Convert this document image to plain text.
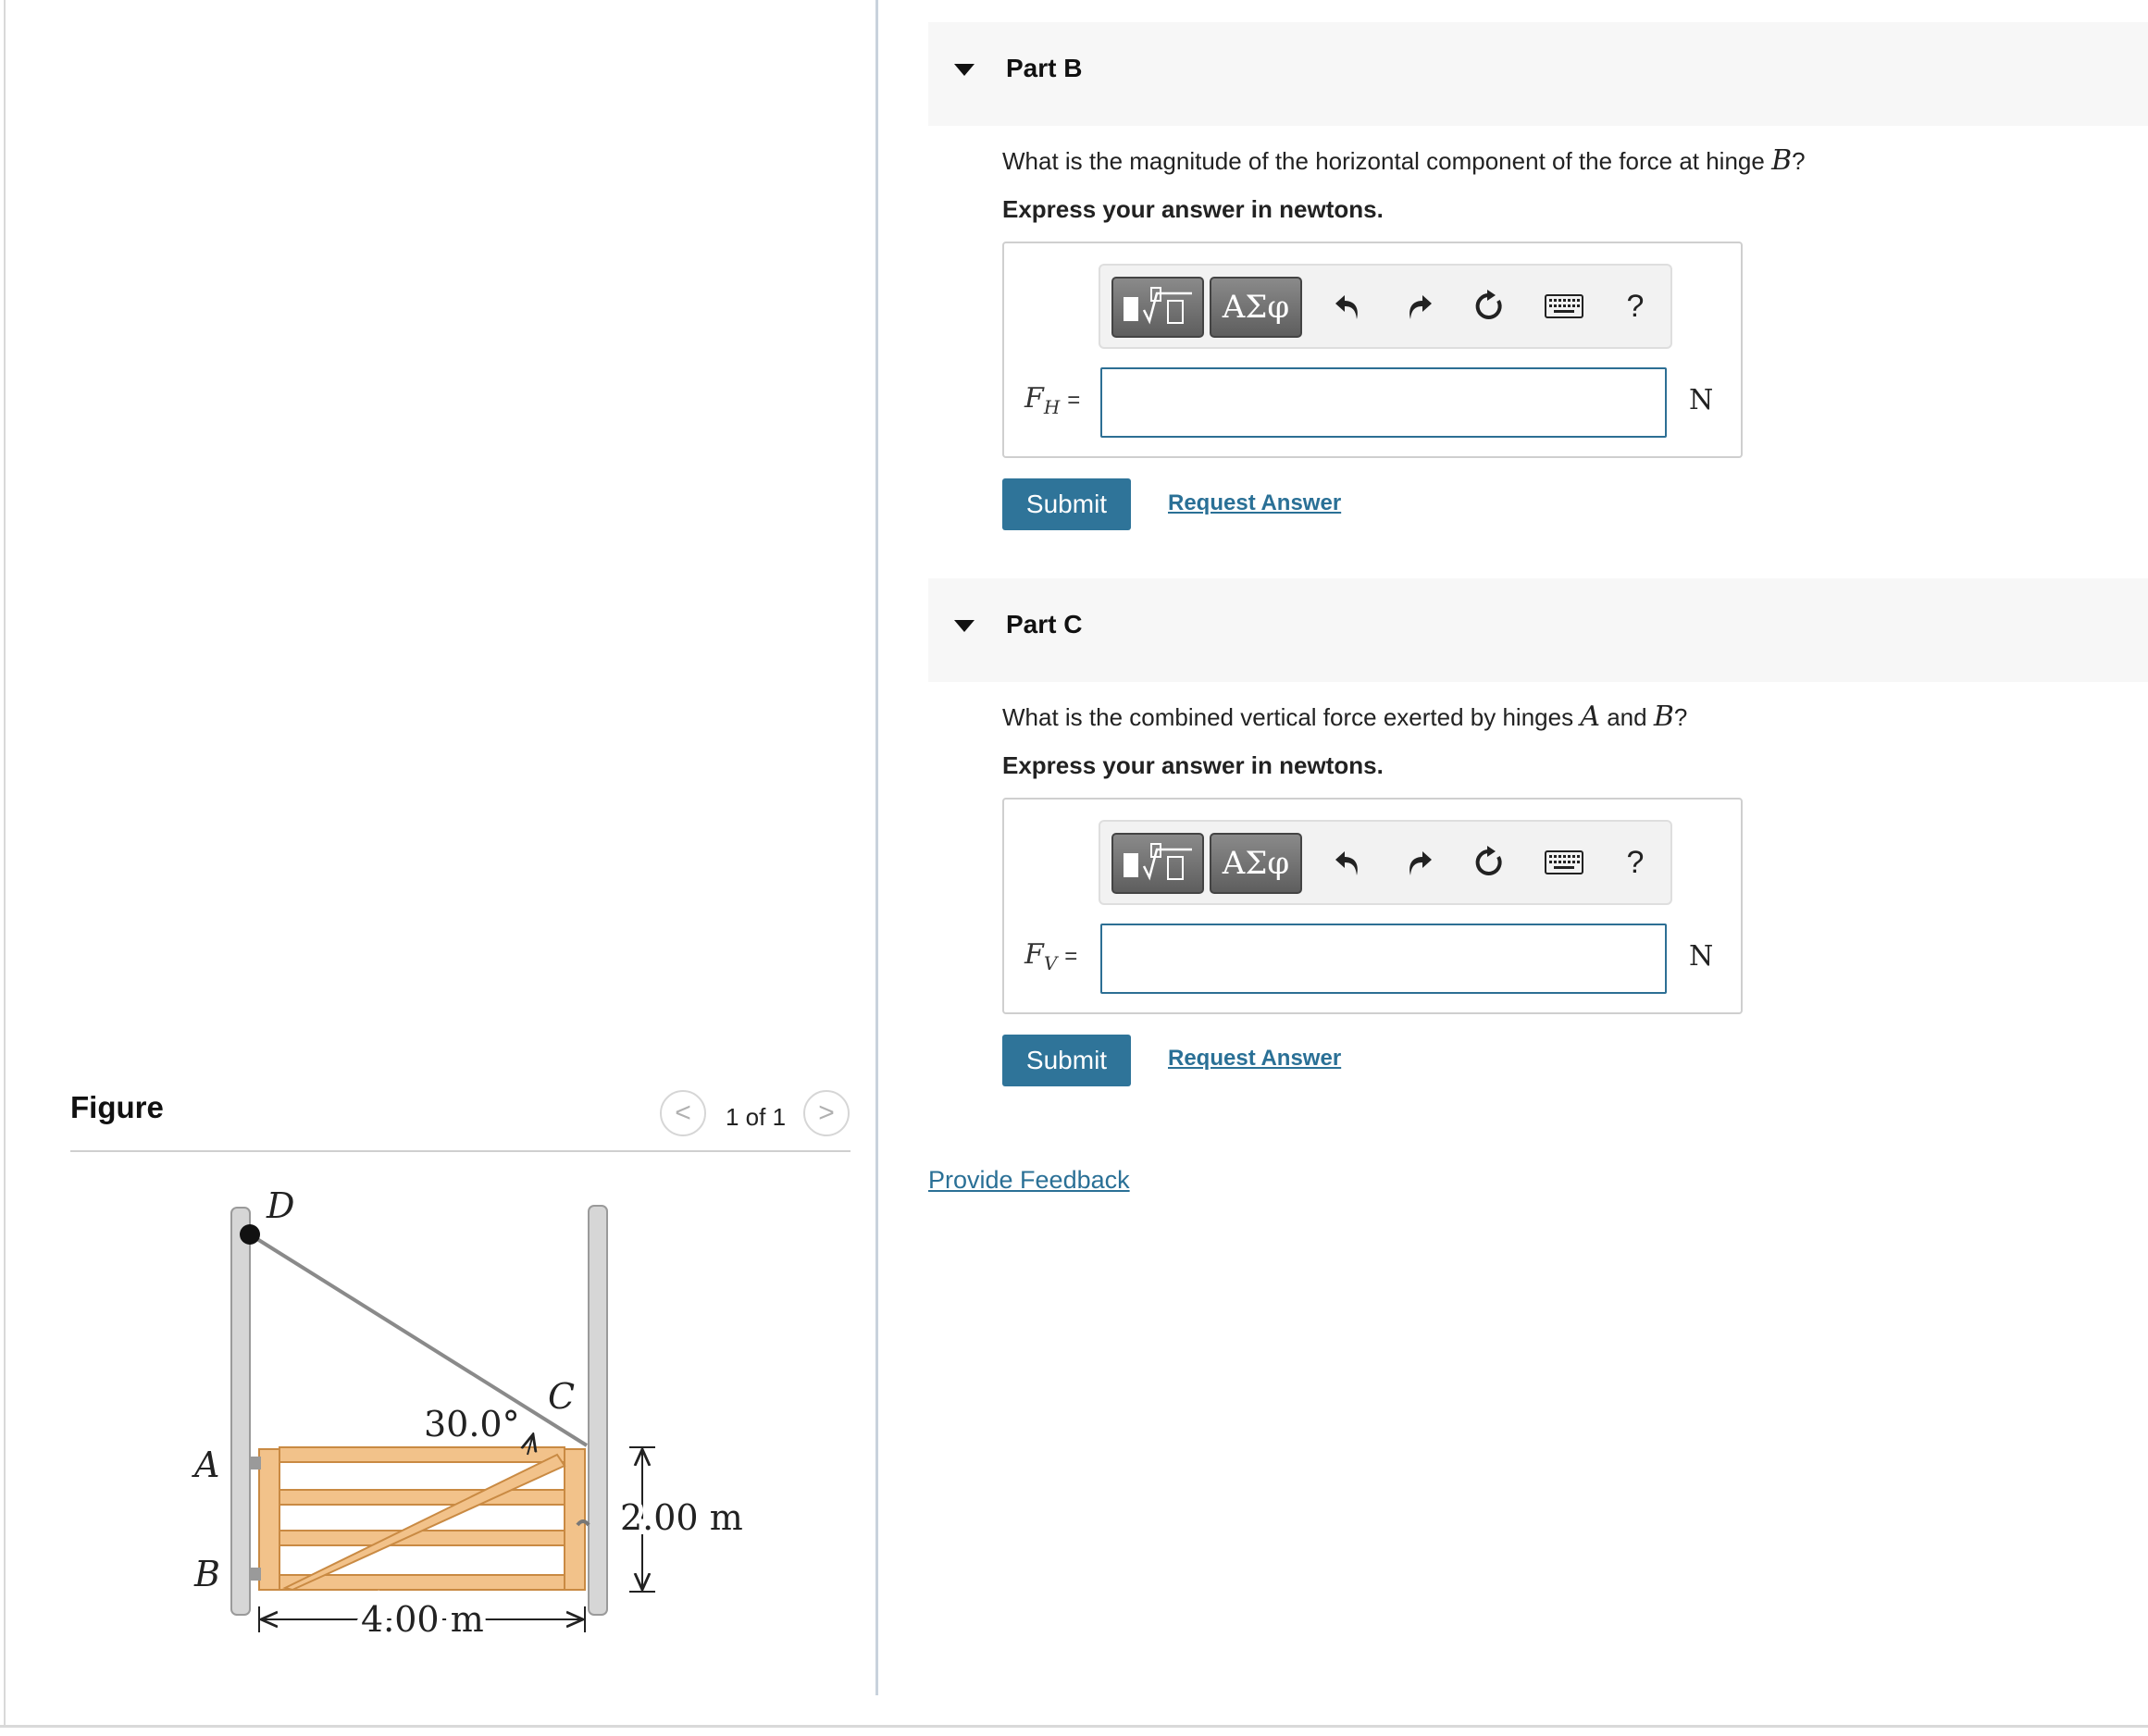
Figure	< 1 of 1 >
D
C
A
B
30.0°
2.00 m
4.00 m
Part B
What is the magnitude of the horizontal component of the force at hinge B?
Express your answer in newtons.
ΑΣφ	?
$F_H$ =	N
Submit	Request Answer
Part C
What is the combined vertical force exerted by hinges A and B?
Express your answer in newtons.
ΑΣφ	?
$F_V$ =	N
Submit	Request Answer
Provide Feedback
